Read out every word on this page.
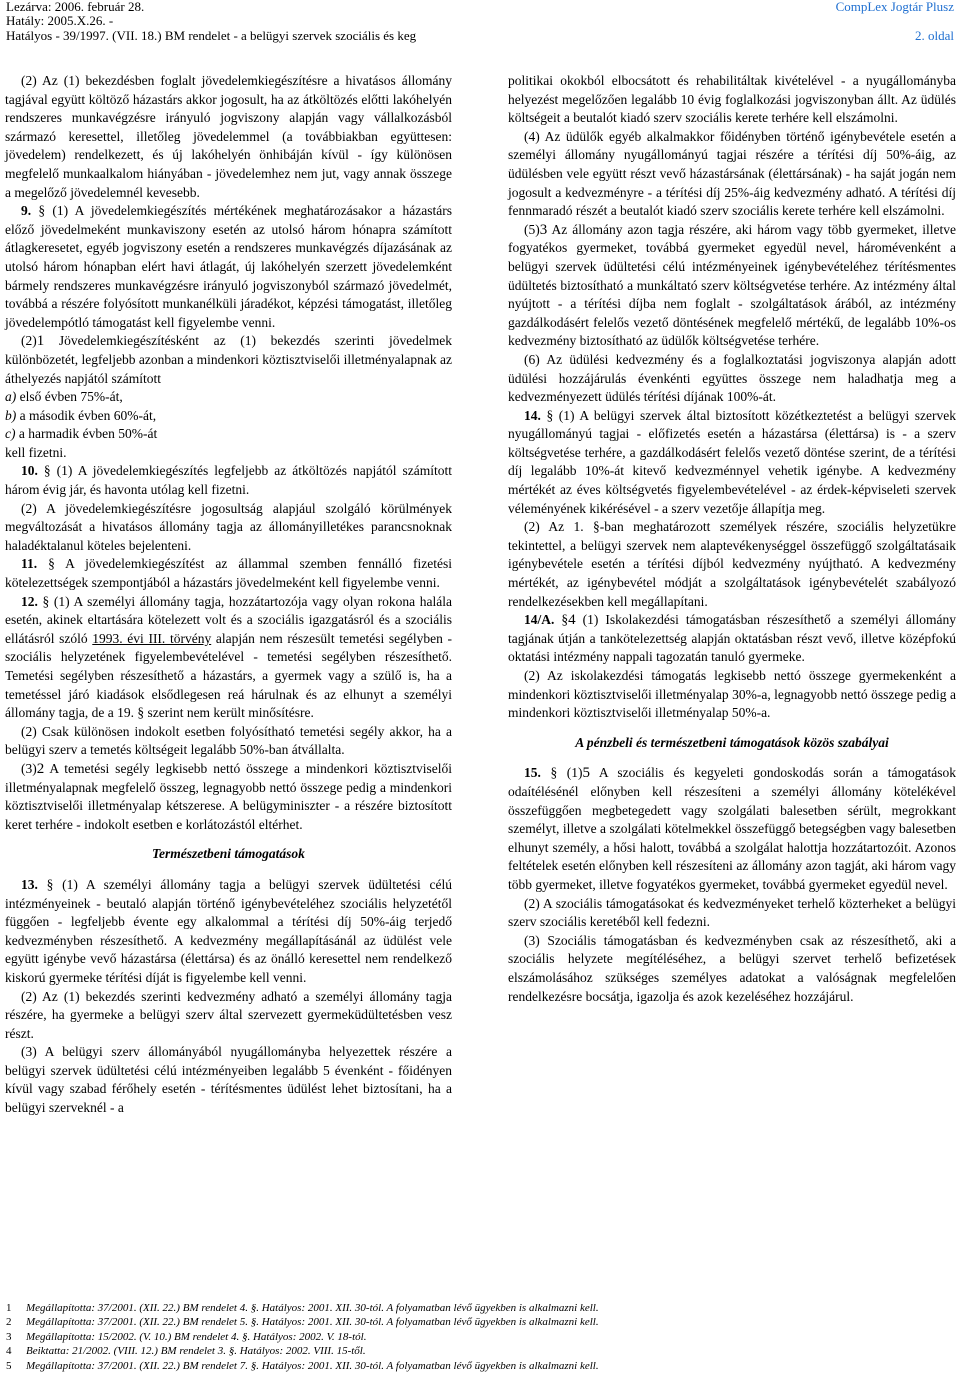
Lezárva: 2006. február 28.	CompLex Jogtár Plusz
Hatály: 2005.X.26. -
Hatályos - 39/1997. (VII. 18.) BM rendelet - a belügyi szervek szociális és keg	2. oldal

(2) Az (1) bekezdésben foglalt jövedelemkiegészítésre a hivatásos állomány tagjával együtt költöző házastárs akkor jogosult, ha az átköltözés előtti lakóhelyén rendszeres munkavégzésre irányuló jogviszony alapján vagy vállalkozásból származó keresettel, illetőleg jövedelemmel (a továbbiakban együttesen: jövedelem) rendelkezett, és új lakóhelyén önhibáján kívül - így különösen megfelelő munkaalkalom hiányában - jövedelemhez nem jut, vagy annak összege a megelőző jövedelemnél kevesebb.

9. § (1) A jövedelemkiegészítés mértékének meghatározásakor a házastárs előző jövedelmeként munkaviszony esetén az utolsó három hónapra számított átlagkeresetet, egyéb jogviszony esetén a rendszeres munkavégzés díjazásának az utolsó három hónapban elért havi átlagát, új lakóhelyén szerzett jövedelemként bármely rendszeres munkavégzésre irányuló jogviszonyból származó jövedelmét, továbbá a részére folyósított munkanélküli járadékot, képzési támogatást, illetőleg jövedelempótló támogatást kell figyelembe venni.

(2)1 Jövedelemkiegészítésként az (1) bekezdés szerinti jövedelmek különbözetét, legfeljebb azonban a mindenkori köztisztviselői illetményalapnak az áthelyezés napjától számított

a) első évben 75%-át,

b) a második évben 60%-át,

c) a harmadik évben 50%-át

kell fizetni.

10. § (1) A jövedelemkiegészítés legfeljebb az átköltözés napjától számított három évig jár, és havonta utólag kell fizetni.

(2) A jövedelemkiegészítésre jogosultság alapjául szolgáló körülmények megváltozását a hivatásos állomány tagja az állományilletékes parancsnoknak haladéktalanul köteles bejelenteni.

11. § A jövedelemkiegészítést az állammal szemben fennálló fizetési kötelezettségek szempontjából a házastárs jövedelmeként kell figyelembe venni.

12. § (1) A személyi állomány tagja, hozzátartozója vagy olyan rokona halála esetén, akinek eltartására kötelezett volt és a szociális igazgatásról és a szociális ellátásról szóló 1993. évi III. törvény alapján nem részesült temetési segélyben - szociális helyzetének figyelembevételével - temetési segélyben részesíthető. Temetési segélyben részesíthető a házastárs, a gyermek vagy a szülő is, ha a temetéssel járó kiadások elsődlegesen reá hárulnak és az elhunyt a személyi állomány tagja, de a 19. § szerint nem került minősítésre.

(2) Csak különösen indokolt esetben folyósítható temetési segély akkor, ha a belügyi szerv a temetés költségeit legalább 50%-ban átvállalta.

(3)2 A temetési segély legkisebb nettó összege a mindenkori köztisztviselői illetményalapnak megfelelő összeg, legnagyobb nettó összege pedig a mindenkori köztisztviselői illetményalap kétszerese. A belügyminiszter - a részére biztosított keret terhére - indokolt esetben e korlátozástól eltérhet.

Természetbeni támogatások

13. § (1) A személyi állomány tagja a belügyi szervek üdültetési célú intézményeinek - beutaló alapján történő igénybevételéhez szociális helyzetétől függően - legfeljebb évente egy alkalommal a térítési díj 50%-áig terjedő kedvezményben részesíthető. A kedvezmény megállapításánál az üdülést vele együtt igénybe vevő házastársa (élettársa) és az önálló keresettel nem rendelkező kiskorú gyermeke térítési díját is figyelembe kell venni.

(2) Az (1) bekezdés szerinti kedvezmény adható a személyi állomány tagja részére, ha gyermeke a belügyi szerv által szervezett gyermeküdültetésben vesz részt.

(3) A belügyi szerv állományából nyugállományba helyezettek részére a belügyi szervek üdültetési célú intézményeiben legalább 5 évenként - főidényen kívül vagy szabad férőhely esetén - térítésmentes üdülést lehet biztosítani, ha a belügyi szerveknél - a

politikai okokból elbocsátott és rehabilitáltak kivételével - a nyugállományba helyezést megelőzően legalább 10 évig foglalkozási jogviszonyban állt. Az üdülés költségeit a beutalót kiadó szerv szociális kerete terhére kell elszámolni.

(4) Az üdülők egyéb alkalmakkor főidényben történő igénybevétele esetén a személyi állomány nyugállományú tagjai részére a térítési díj 50%-áig, az üdülésben vele együtt részt vevő házastársának (élettársának) - ha saját jogán nem jogosult a kedvezményre - a térítési díj 25%-áig kedvezmény adható. A térítési díj fennmaradó részét a beutalót kiadó szerv szociális kerete terhére kell elszámolni.

(5)3 Az állomány azon tagja részére, aki három vagy több gyermeket, illetve fogyatékos gyermeket, továbbá gyermeket egyedül nevel, háromévenként a belügyi szervek üdültetési célú intézményeinek igénybevételéhez térítésmentes üdültetés biztosítható a munkáltató szerv költségvetése terhére. Az intézmény által nyújtott - a térítési díjba nem foglalt - szolgáltatások árából, az intézmény gazdálkodásért felelős vezető döntésének megfelelő mértékű, de legalább 10%-os kedvezmény biztosítható az üdülők költségvetése terhére.

(6) Az üdülési kedvezmény és a foglalkoztatási jogviszonya alapján adott üdülési hozzájárulás évenkénti együttes összege nem haladhatja meg a kedvezményezett üdülés térítési díjának 100%-át.

14. § (1) A belügyi szervek által biztosított közétkeztetést a belügyi szervek nyugállományú tagjai - előfizetés esetén a házastársa (élettársa) is - a szerv költségvetése terhére, a gazdálkodásért felelős vezető döntése szerint, de a térítési díj legalább 10%-át kitevő kedvezménnyel vehetik igénybe. A kedvezmény mértékét az éves költségvetés figyelembevételével - az érdek-képviseleti szervek véleményének kikérésével - a szerv vezetője állapítja meg.

(2) Az 1. §-ban meghatározott személyek részére, szociális helyzetükre tekintettel, a belügyi szervek nem alaptevékenységgel összefüggő szolgáltatásaik igénybevétele esetén a térítési díjból kedvezmény nyújtható. A kedvezmény mértékét, az igénybevétel módját a szolgáltatások igénybevételét szabályozó rendelkezésekben kell megállapítani.

14/A. §4 (1) Iskolakezdési támogatásban részesíthető a személyi állomány tagjának útján a tankötelezettség alapján oktatásban részt vevő, illetve középfokú oktatási intézmény nappali tagozatán tanuló gyermeke.

(2) Az iskolakezdési támogatás legkisebb nettó összege gyermekenként a mindenkori köztisztviselői illetményalap 30%-a, legnagyobb nettó összege pedig a mindenkori köztisztviselői illetményalap 50%-a.

A pénzbeli és természetbeni támogatások közös szabályai

15. § (1)5 A szociális és kegyeleti gondoskodás során a támogatások odaítélésénél előnyben kell részesíteni a személyi állomány kötelékével összefüggően megbetegedett vagy szolgálati balesetben sérült, megrokkant személyt, illetve a szolgálati kötelmekkel összefüggő betegségben vagy balesetben elhunyt személy, a hősi halott, továbbá a szolgálat halottja hozzátartozóit. Azonos feltételek esetén előnyben kell részesíteni az állomány azon tagját, aki három vagy több gyermeket, illetve fogyatékos gyermeket, továbbá gyermeket egyedül nevel.

(2) A szociális támogatásokat és kedvezményeket terhelő közterheket a belügyi szerv szociális keretéből kell fedezni.

(3) Szociális támogatásban és kedvezményben csak az részesíthető, aki a szociális helyzete megítéléséhez, a belügyi szervet terhelő befizetések elszámolásához szükséges személyes adatokat a valóságnak megfelelően rendelkezésre bocsátja, igazolja és azok kezeléséhez hozzájárul.

1	Megállapította: 37/2001. (XII. 22.) BM rendelet 4. §. Hatályos: 2001. XII. 30-tól. A folyamatban lévő ügyekben is alkalmazni kell.
2	Megállapította: 37/2001. (XII. 22.) BM rendelet 5. §. Hatályos: 2001. XII. 30-tól. A folyamatban lévő ügyekben is alkalmazni kell.
3	Megállapította: 15/2002. (V. 10.) BM rendelet 4. §. Hatályos: 2002. V. 18-tól.
4	Beiktatta: 21/2002. (VIII. 12.) BM rendelet 3. §. Hatályos: 2002. VIII. 15-től.
5	Megállapította: 37/2001. (XII. 22.) BM rendelet 7. §. Hatályos: 2001. XII. 30-tól. A folyamatban lévő ügyekben is alkalmazni kell.
